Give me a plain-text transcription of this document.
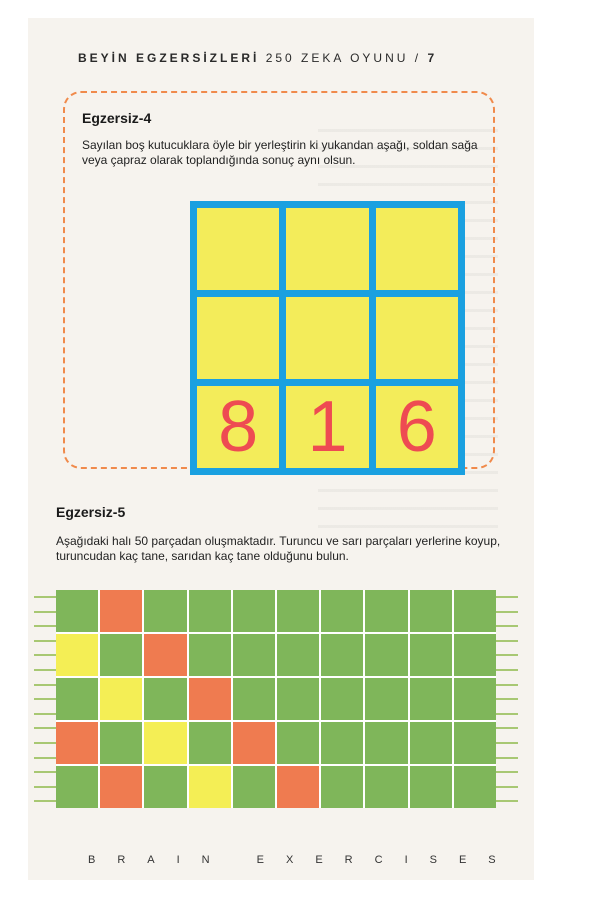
BEYİN EGZERSİZLERİ 250 ZEKA OYUNU / 7
Egzersiz-4
Sayılan boş kutucuklara öyle bir yerleştirin ki yukandan aşağı, soldan sağa veya çapraz olarak toplandığında sonuç aynı olsun.
8 1 6
Egzersiz-5
Aşağıdaki halı 50 parçadan oluşmaktadır. Turuncu ve sarı parçaları yerlerine koyup, turuncudan kaç tane, sarıdan kaç tane olduğunu bulun.
BRAIN EXERCISES
